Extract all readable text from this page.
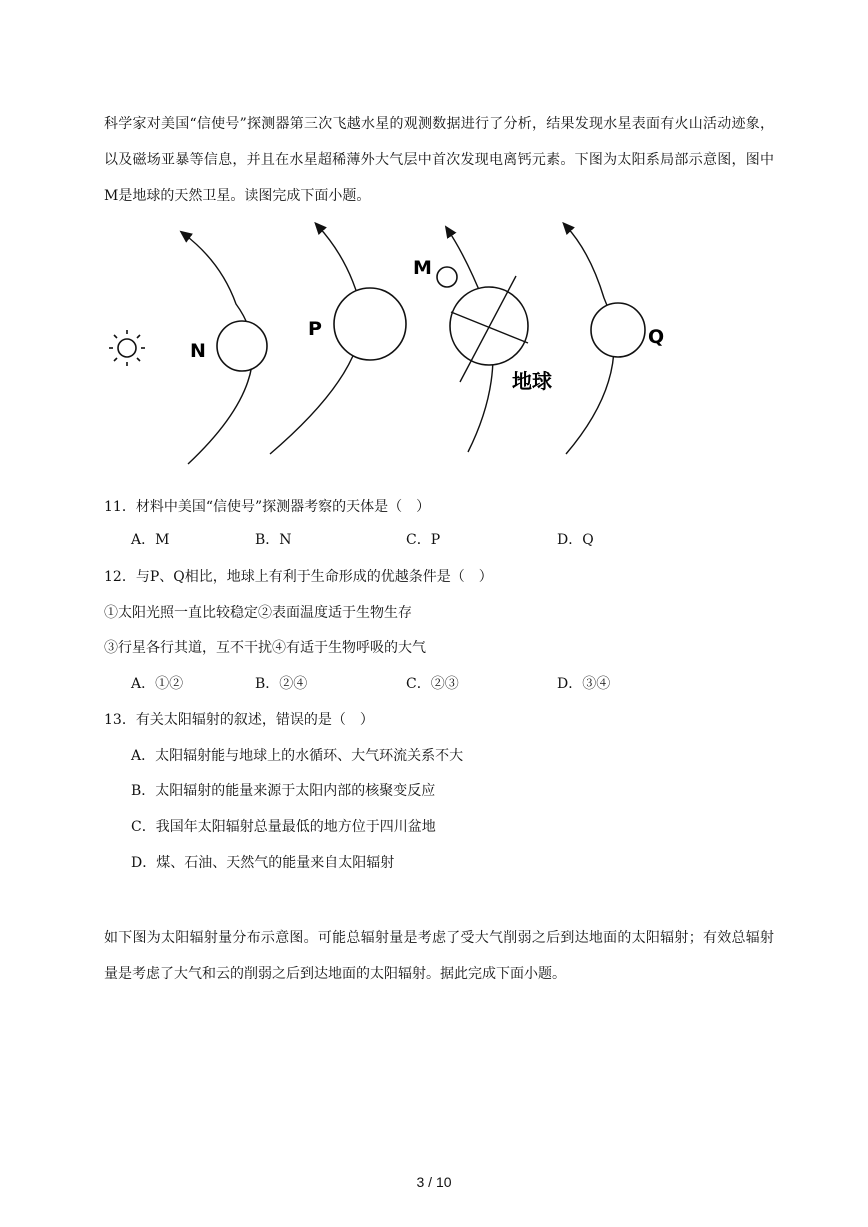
科学家对美国“信使号”探测器第三次飞越水星的观测数据进行了分析，结果发现水星表面有火山活动迹象，以及磁场亚暴等信息，并且在水星超稀薄外大气层中首次发现电离钙元素。下图为太阳系局部示意图，图中M是地球的天然卫星。读图完成下面小题。
N
P
M
Q
地球
11．材料中美国“信使号”探测器考察的天体是（　）
A．M	B．N	C．P	D．Q
12．与P、Q相比，地球上有利于生命形成的优越条件是（　）
①太阳光照一直比较稳定②表面温度适于生物生存
③行星各行其道，互不干扰④有适于生物呼吸的大气
A．①②	B．②④	C．②③	D．③④
13．有关太阳辐射的叙述，错误的是（　）
A．太阳辐射能与地球上的水循环、大气环流关系不大
B．太阳辐射的能量来源于太阳内部的核聚变反应
C．我国年太阳辐射总量最低的地方位于四川盆地
D．煤、石油、天然气的能量来自太阳辐射
如下图为太阳辐射量分布示意图。可能总辐射量是考虑了受大气削弱之后到达地面的太阳辐射；有效总辐射量是考虑了大气和云的削弱之后到达地面的太阳辐射。据此完成下面小题。
3 / 10
